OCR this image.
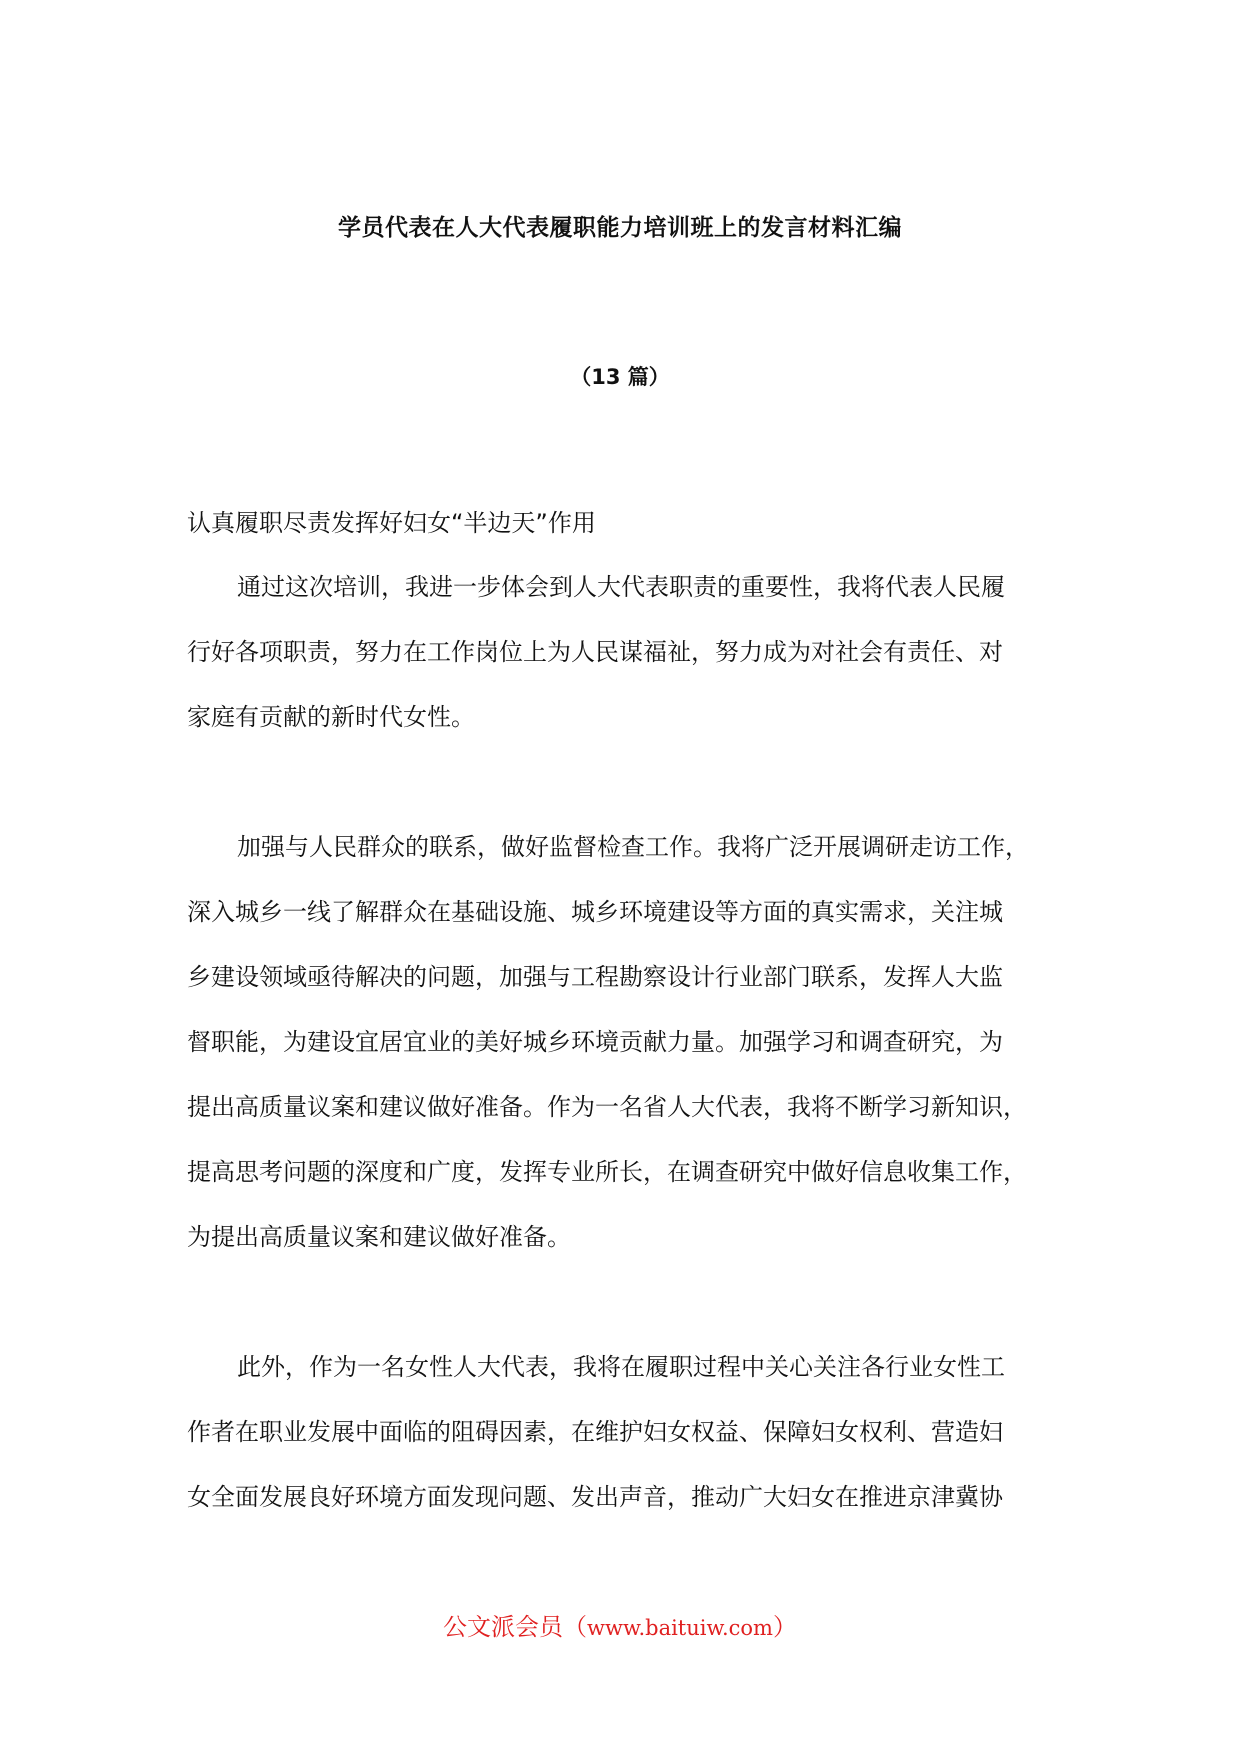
学员代表在人大代表履职能力培训班上的发言材料汇编
（13 篇）
认真履职尽责发挥好妇女“半边天”作用
通过这次培训，我进一步体会到人大代表职责的重要性，我将代表人民履
行好各项职责，努力在工作岗位上为人民谋福祉，努力成为对社会有责任、对
家庭有贡献的新时代女性。
加强与人民群众的联系，做好监督检查工作。我将广泛开展调研走访工作，
深入城乡一线了解群众在基础设施、城乡环境建设等方面的真实需求，关注城
乡建设领域亟待解决的问题，加强与工程勘察设计行业部门联系，发挥人大监
督职能，为建设宜居宜业的美好城乡环境贡献力量。加强学习和调查研究，为
提出高质量议案和建议做好准备。作为一名省人大代表，我将不断学习新知识，
提高思考问题的深度和广度，发挥专业所长，在调查研究中做好信息收集工作，
为提出高质量议案和建议做好准备。
此外，作为一名女性人大代表，我将在履职过程中关心关注各行业女性工
作者在职业发展中面临的阻碍因素，在维护妇女权益、保障妇女权利、营造妇
女全面发展良好环境方面发现问题、发出声音，推动广大妇女在推进京津冀协
公文派会员（www.baituiw.com）
